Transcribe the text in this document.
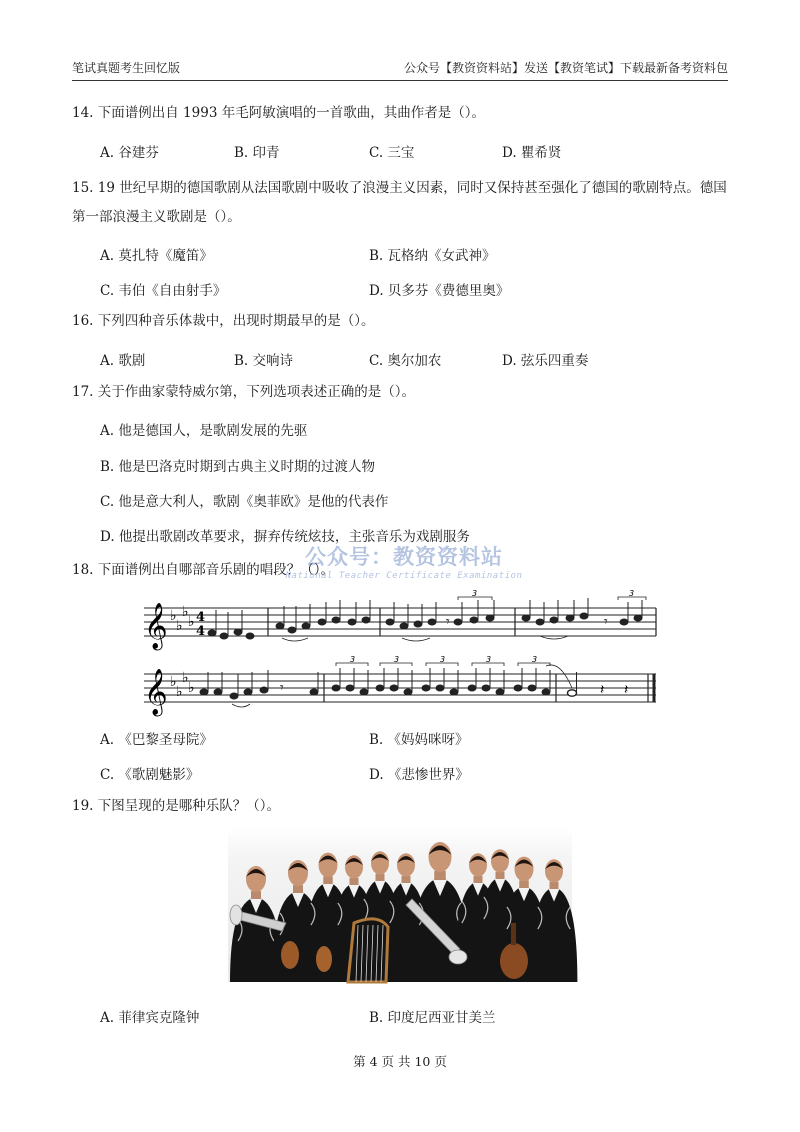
笔试真题考生回忆版	公众号【教资资料站】发送【教资笔试】下载最新备考资料包
14. 下面谱例出自 1993 年毛阿敏演唱的一首歌曲，其曲作者是（）。
A. 谷建芬	B. 印青	C. 三宝	D. 瞿希贤
15. 19 世纪早期的德国歌剧从法国歌剧中吸收了浪漫主义因素，同时又保持甚至强化了德国的歌剧特点。德国第一部浪漫主义歌剧是（）。
A. 莫扎特《魔笛》	B. 瓦格纳《女武神》
C. 韦伯《自由射手》	D. 贝多芬《费德里奥》
16. 下列四种音乐体裁中，出现时期最早的是（）。
A. 歌剧	B. 交响诗	C. 奥尔加农	D. 弦乐四重奏
17. 关于作曲家蒙特威尔第，下列选项表述正确的是（）。
A. 他是德国人，是歌剧发展的先驱
B. 他是巴洛克时期到古典主义时期的过渡人物
C. 他是意大利人，歌剧《奥菲欧》是他的代表作
D. 他提出歌剧改革要求，摒弃传统炫技，主张音乐为戏剧服务
公众号：教资资料站
National Teacher Certificate Examination
18. 下面谱例出自哪部音乐剧的唱段？（）。
𝄞 ♭
♭
♭
♭ 4
4
3	3
𝄾	𝄾
𝄞 ♭
♭
♭
♭
3	3	3	3	3
𝄾	𝄽 𝄽
A. 《巴黎圣母院》	B. 《妈妈咪呀》
C. 《歌剧魅影》	D. 《悲惨世界》
19. 下图呈现的是哪种乐队？（）。
A. 菲律宾克隆钟	B. 印度尼西亚甘美兰
第 4 页 共 10 页
